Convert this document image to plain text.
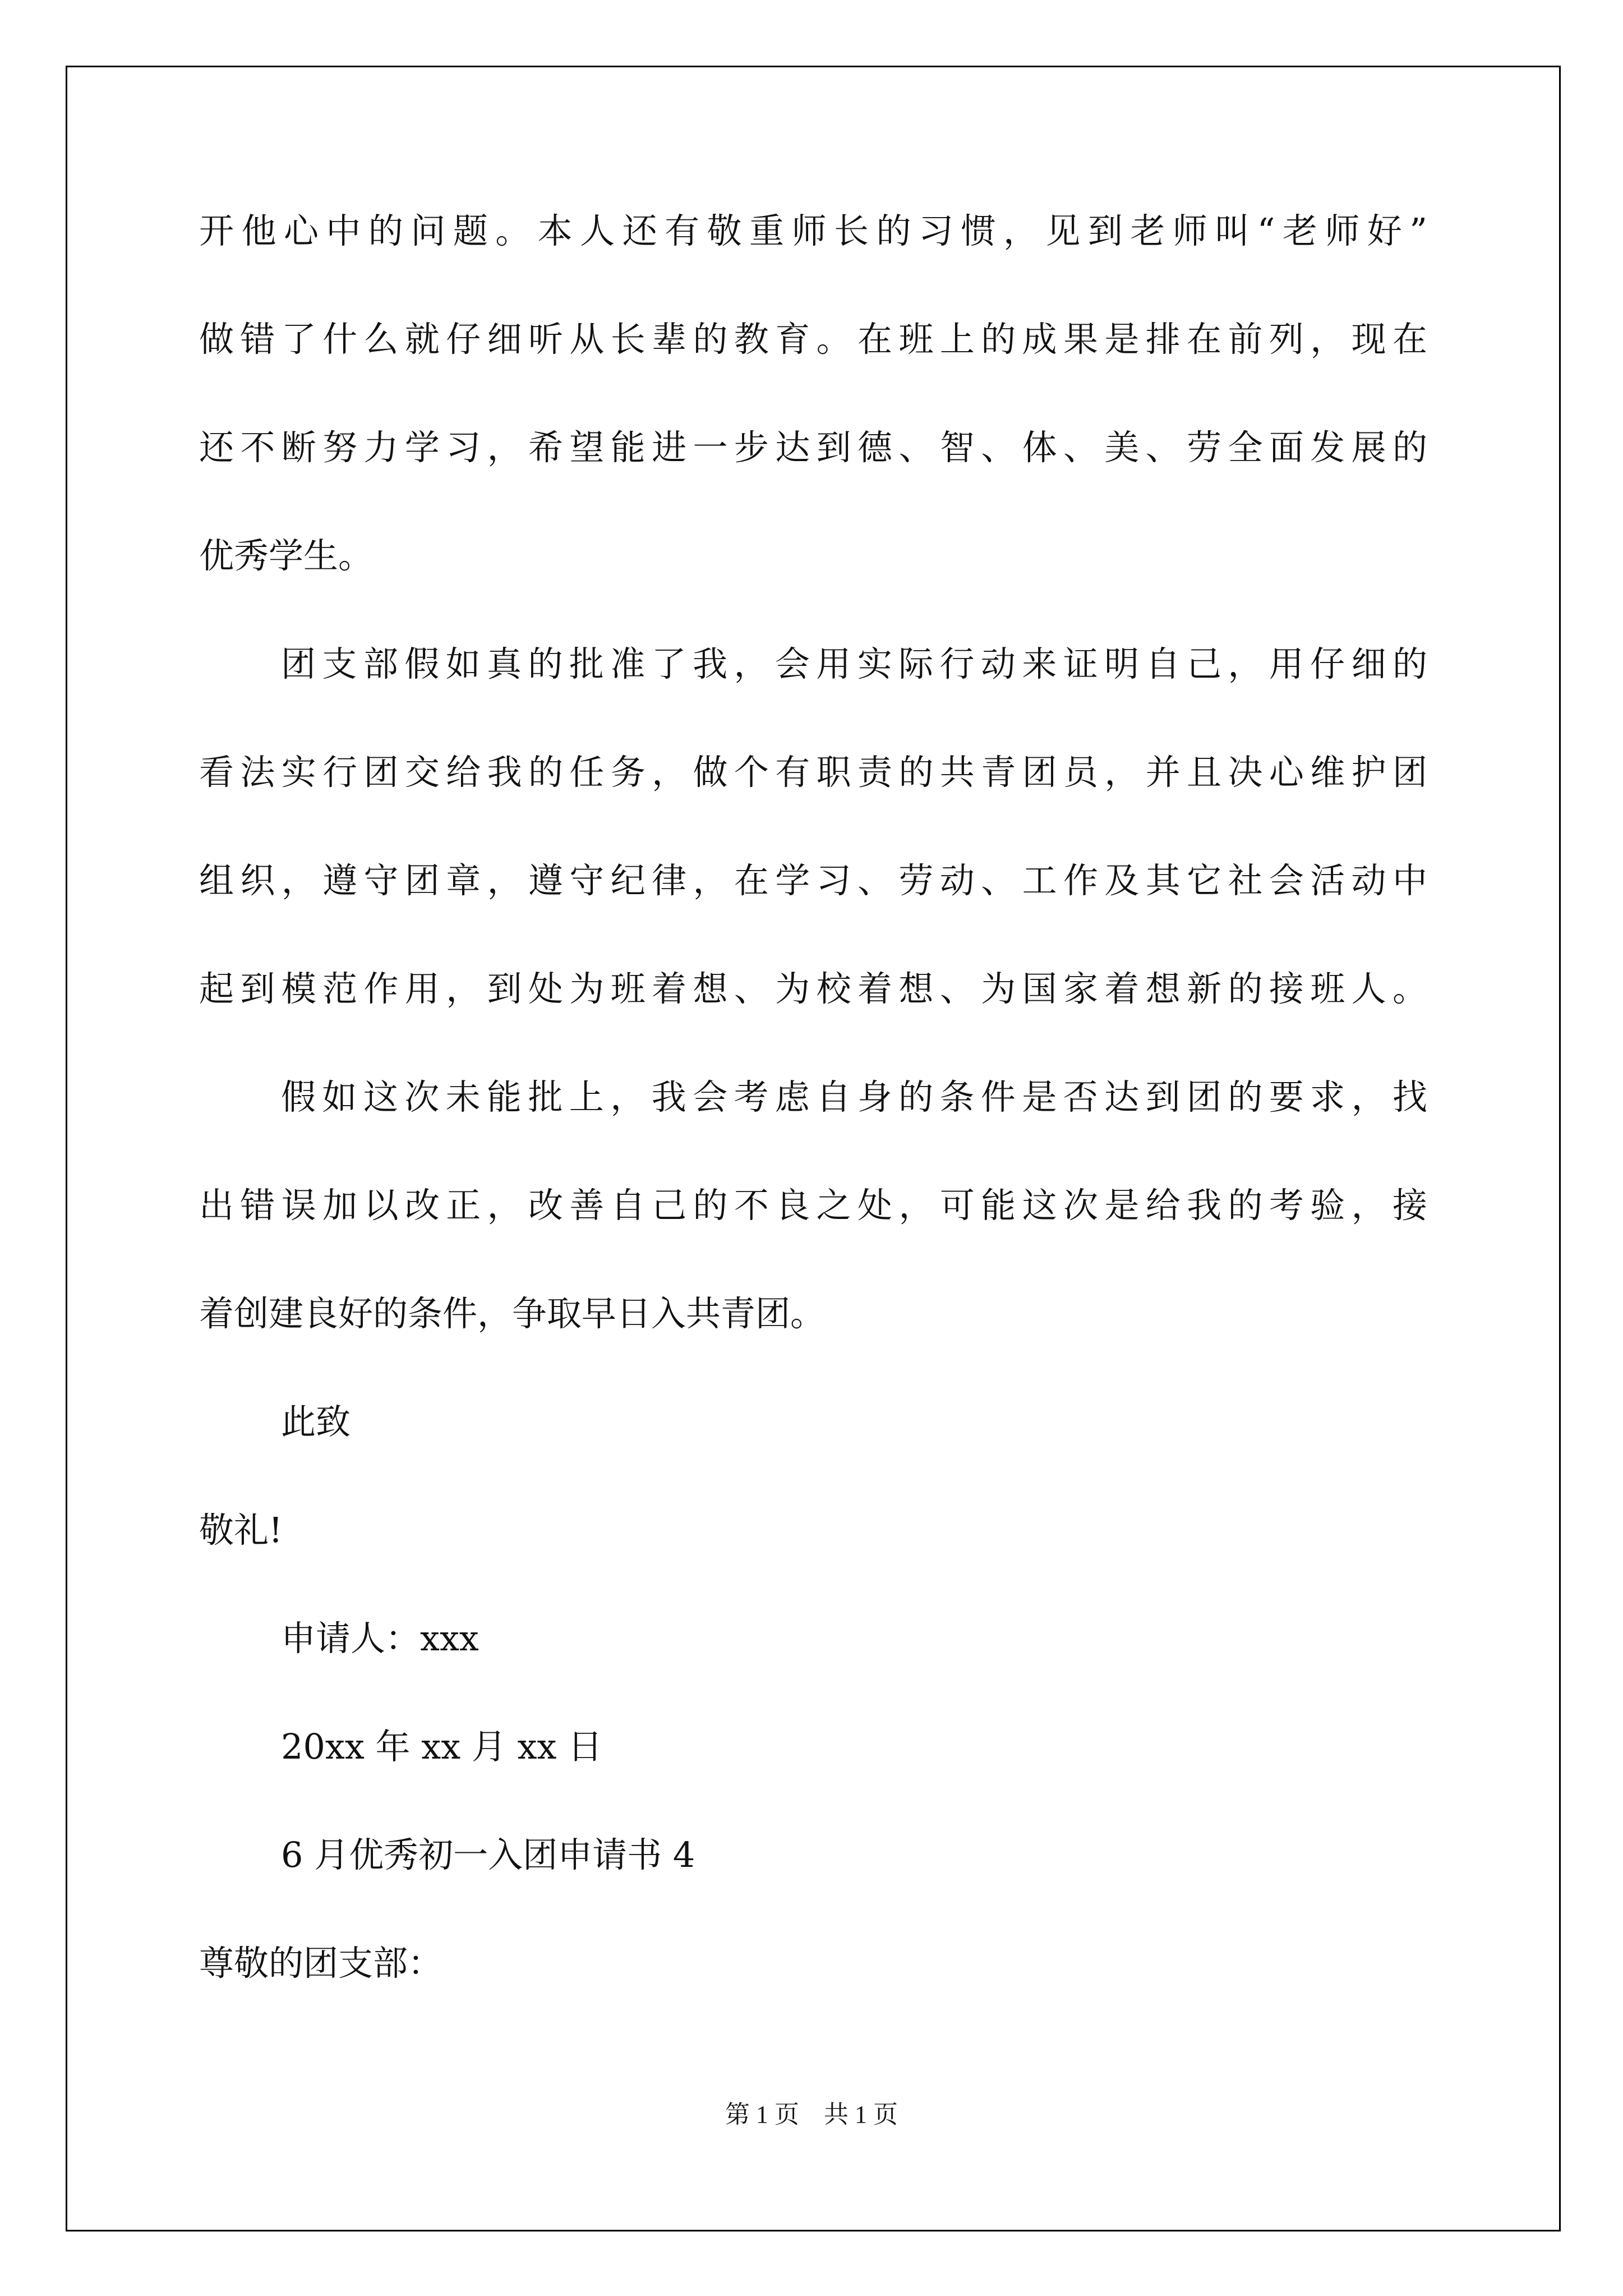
开他心中的问题。本人还有敬重师长的习惯，见到老师叫“老师好”
做错了什么就仔细听从长辈的教育。在班上的成果是排在前列，现在
还不断努力学习，希望能进一步达到德、智、体、美、劳全面发展的
优秀学生。
团支部假如真的批准了我，会用实际行动来证明自己，用仔细的
看法实行团交给我的任务，做个有职责的共青团员，并且决心维护团
组织，遵守团章，遵守纪律，在学习、劳动、工作及其它社会活动中
起到模范作用，到处为班着想、为校着想、为国家着想新的接班人。
假如这次未能批上，我会考虑自身的条件是否达到团的要求，找
出错误加以改正，改善自己的不良之处，可能这次是给我的考验，接
着创建良好的条件，争取早日入共青团。
此致
敬礼!
申请人：xxx
20xx 年 xx 月 xx 日
6 月优秀初一入团申请书 4
尊敬的团支部：
第 1 页　共 1 页
